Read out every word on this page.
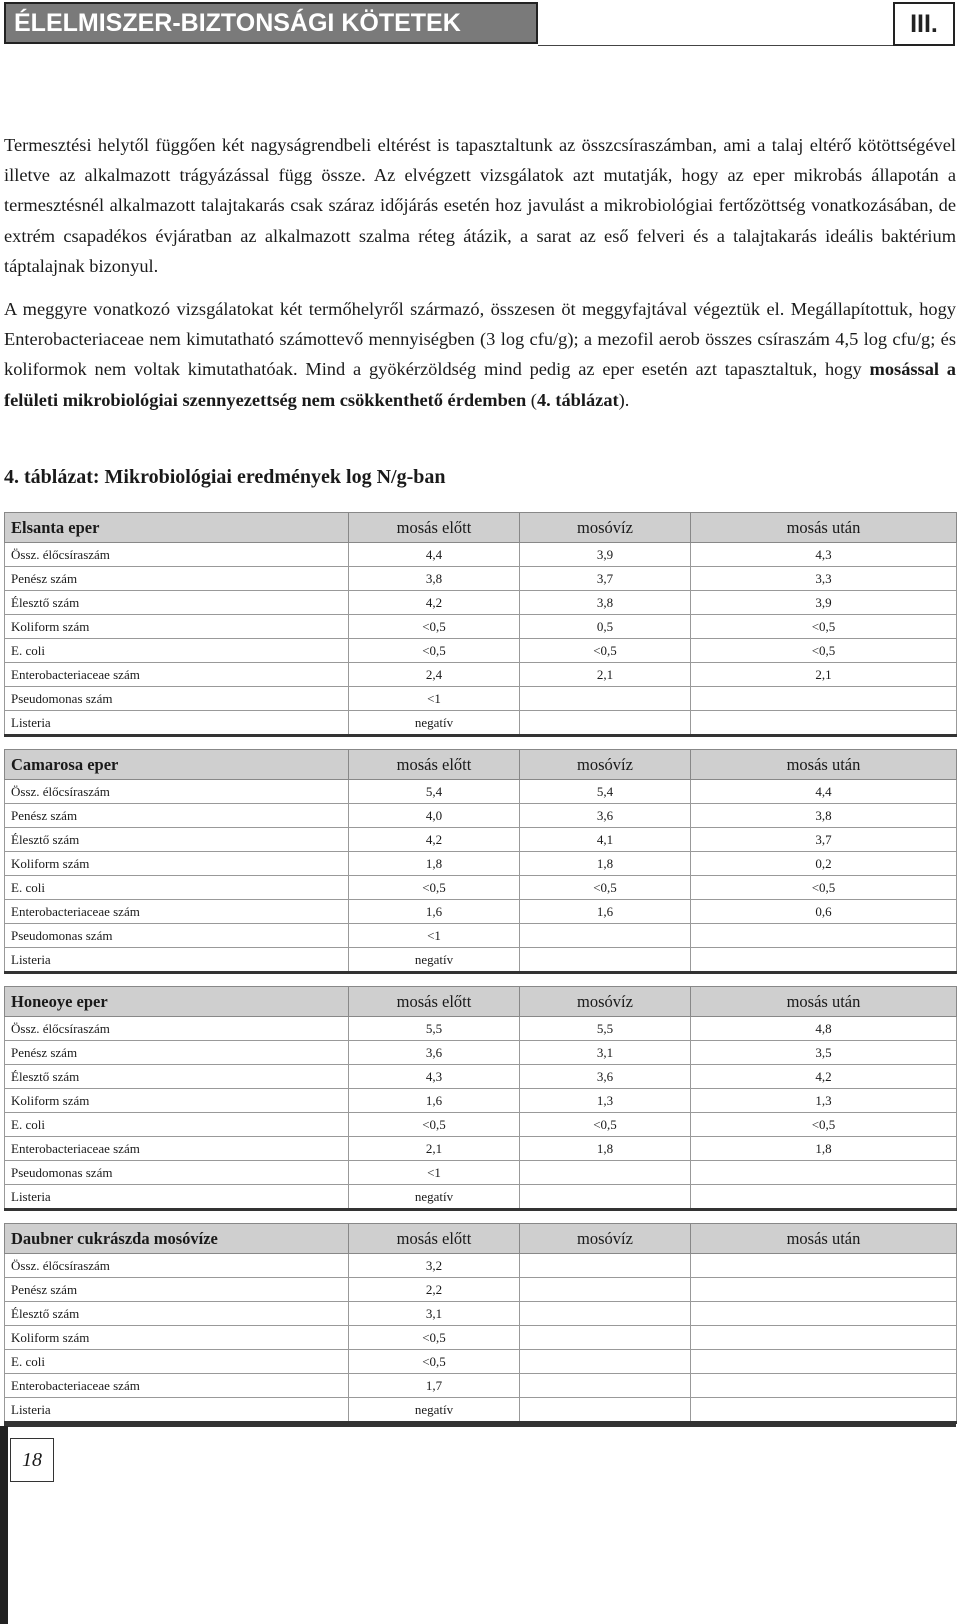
ÉLELMISZER-BIZTONSÁGI KÖTETEK	III.

Termesztési helytől függően két nagyságrendbeli eltérést is tapasztaltunk az összcsíraszámban, ami a talaj eltérő kötöttségével illetve az alkalmazott trágyázással függ össze. Az elvégzett vizsgálatok azt mutatják, hogy az eper mikrobás állapotán a termesztésnél alkalmazott talajtakarás csak száraz időjárás esetén hoz javulást a mikrobiológiai fertőzöttség vonatkozásában, de extrém csapadékos évjáratban az alkalmazott szalma réteg átázik, a sarat az eső felveri és a talajtakarás ideális baktérium táptalajnak bizonyul.

A meggyre vonatkozó vizsgálatokat két termőhelyről származó, összesen öt meggyfajtával végeztük el. Megállapítottuk, hogy Enterobacteriaceae nem kimutatható számottevő mennyiségben (3 log cfu/g); a mezofil aerob összes csíraszám 4,5 log cfu/g; és koliformok nem voltak kimutathatóak. Mind a gyökérzöldség mind pedig az eper esetén azt tapasztaltuk, hogy mosással a felületi mikrobiológiai szennyezettség nem csökkenthető érdemben (4. táblázat).

4. táblázat: Mikrobiológiai eredmények log N/g-ban
Elsanta eper	mosás előtt	mosóvíz	mosás után
Össz. élőcsíraszám	4,4	3,9	4,3
Penész szám	3,8	3,7	3,3
Élesztő szám	4,2	3,8	3,9
Koliform szám	<0,5	0,5	<0,5
E. coli	<0,5	<0,5	<0,5
Enterobacteriaceae szám	2,4	2,1	2,1
Pseudomonas szám	<1		
Listeria	negatív		
Camarosa eper	mosás előtt	mosóvíz	mosás után
Össz. élőcsíraszám	5,4	5,4	4,4
Penész szám	4,0	3,6	3,8
Élesztő szám	4,2	4,1	3,7
Koliform szám	1,8	1,8	0,2
E. coli	<0,5	<0,5	<0,5
Enterobacteriaceae szám	1,6	1,6	0,6
Pseudomonas szám	<1		
Listeria	negatív		
Honeoye eper	mosás előtt	mosóvíz	mosás után
Össz. élőcsíraszám	5,5	5,5	4,8
Penész szám	3,6	3,1	3,5
Élesztő szám	4,3	3,6	4,2
Koliform szám	1,6	1,3	1,3
E. coli	<0,5	<0,5	<0,5
Enterobacteriaceae szám	2,1	1,8	1,8
Pseudomonas szám	<1		
Listeria	negatív		
Daubner cukrászda mosóvíze	mosás előtt	mosóvíz	mosás után
Össz. élőcsíraszám	3,2		
Penész szám	2,2		
Élesztő szám	3,1		
Koliform szám	<0,5		
E. coli	<0,5		
Enterobacteriaceae szám	1,7		
Listeria	negatív		
18
